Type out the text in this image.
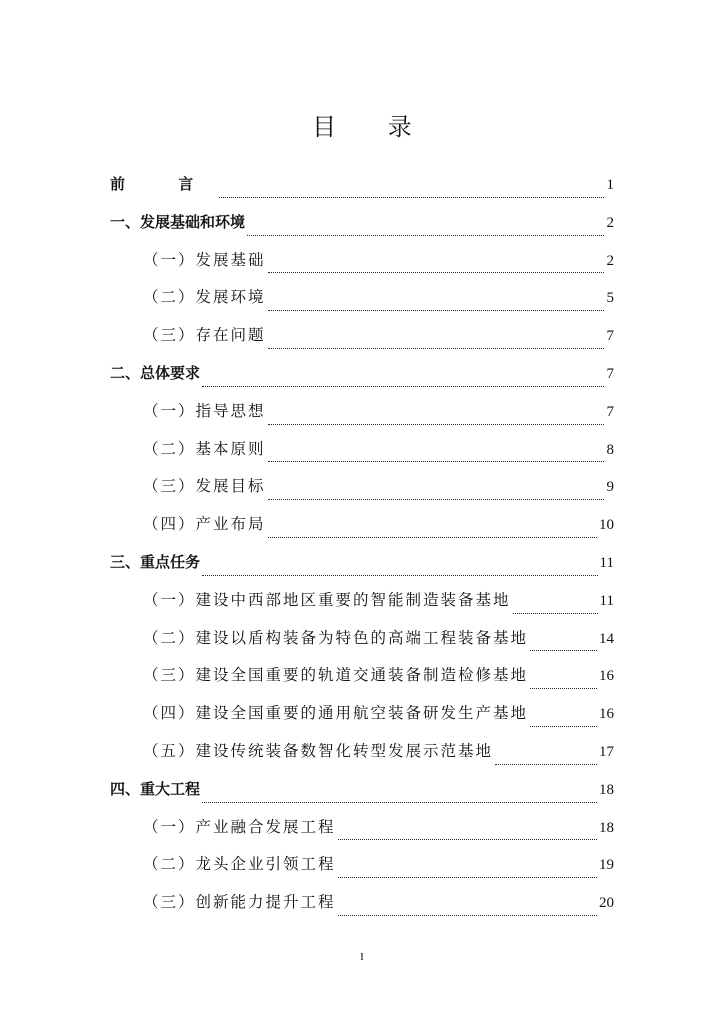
目 录
前 言	1
一、发展基础和环境	2
（一）发展基础	2
（二）发展环境	5
（三）存在问题	7
二、总体要求	7
（一）指导思想	7
（二）基本原则	8
（三）发展目标	9
（四）产业布局	10
三、重点任务	11
（一）建设中西部地区重要的智能制造装备基地	11
（二）建设以盾构装备为特色的高端工程装备基地	14
（三）建设全国重要的轨道交通装备制造检修基地	16
（四）建设全国重要的通用航空装备研发生产基地	16
（五）建设传统装备数智化转型发展示范基地	17
四、重大工程	18
（一）产业融合发展工程	18
（二）龙头企业引领工程	19
（三）创新能力提升工程	20
I
